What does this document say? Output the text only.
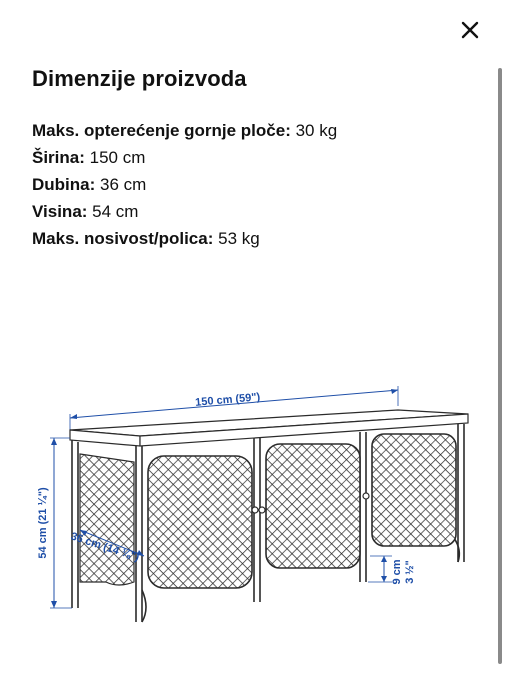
Dimenzije proizvoda
Maks. opterećenje gornje ploče: 30 kg
Širina: 150 cm
Dubina: 36 cm
Visina: 54 cm
Maks. nosivost/polica: 53 kg
150 cm (59")
54 cm (21 ¼") 36 cm (14 ⅛")
9 cm 3 ½"
